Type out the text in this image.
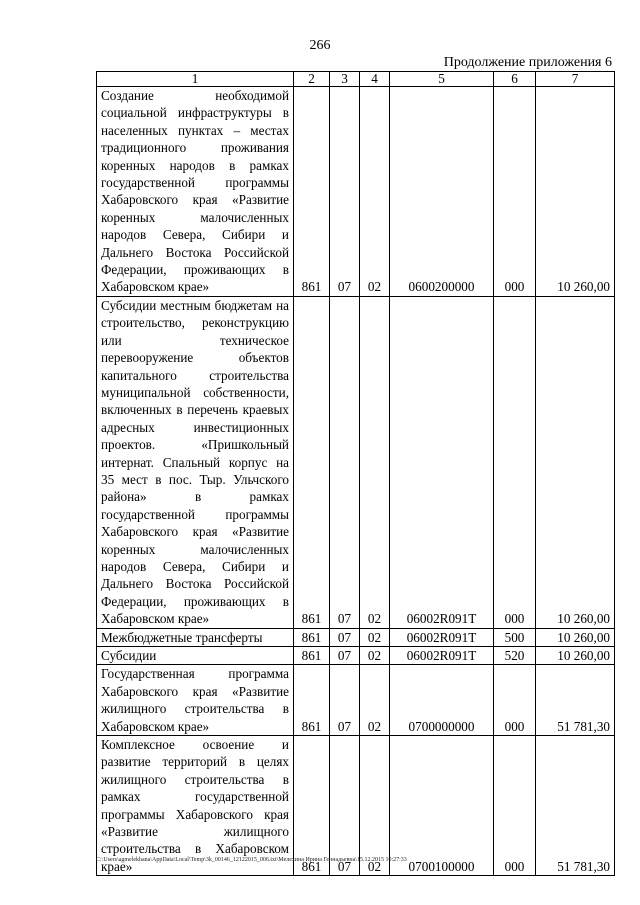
266
Продолжение приложения 6
1	2	3	4	5	6	7
Создание необходимой социальной инфраструктуры в населенных пунктах – местах традиционного проживания коренных народов в рамках государственной программы Хабаровского края «Развитие коренных малочисленных народов Севера, Сибири и Дальнего Востока Российской Федерации, проживающих в Хабаровском крае»	861	07	02	0600200000	000	10 260,00
Субсидии местным бюджетам на строительство, реконструкцию или техническое перевооружение объектов капитального строительства муниципальной собственности, включенных в перечень краевых адресных инвестиционных проектов. «Пришкольный интернат. Спальный корпус на 35 мест в пос. Тыр. Ульчского района» в рамках государственной программы Хабаровского края «Развитие коренных малочисленных народов Севера, Сибири и Дальнего Востока Российской Федерации, проживающих в Хабаровском крае»	861	07	02	06002R091T	000	10 260,00
Межбюджетные трансферты	861	07	02	06002R091T	500	10 260,00
Субсидии	861	07	02	06002R091T	520	10 260,00
Государственная программа Хабаровского края «Развитие жилищного строительства в Хабаровском крае»	861	07	02	0700000000	000	51 781,30
Комплексное освоение и развитие территорий в целях жилищного строительства в рамках государственной программы Хабаровского края «Развитие жилищного строительства в Хабаровском крае»	861	07	02	0700100000	000	51 781,30
C:\Users\agmelekhana\AppData\Local\Temp\3k_00146_12122015_006.txt\Мелехина Ирина Геннадьевна\15.12.2015 10:27:33
